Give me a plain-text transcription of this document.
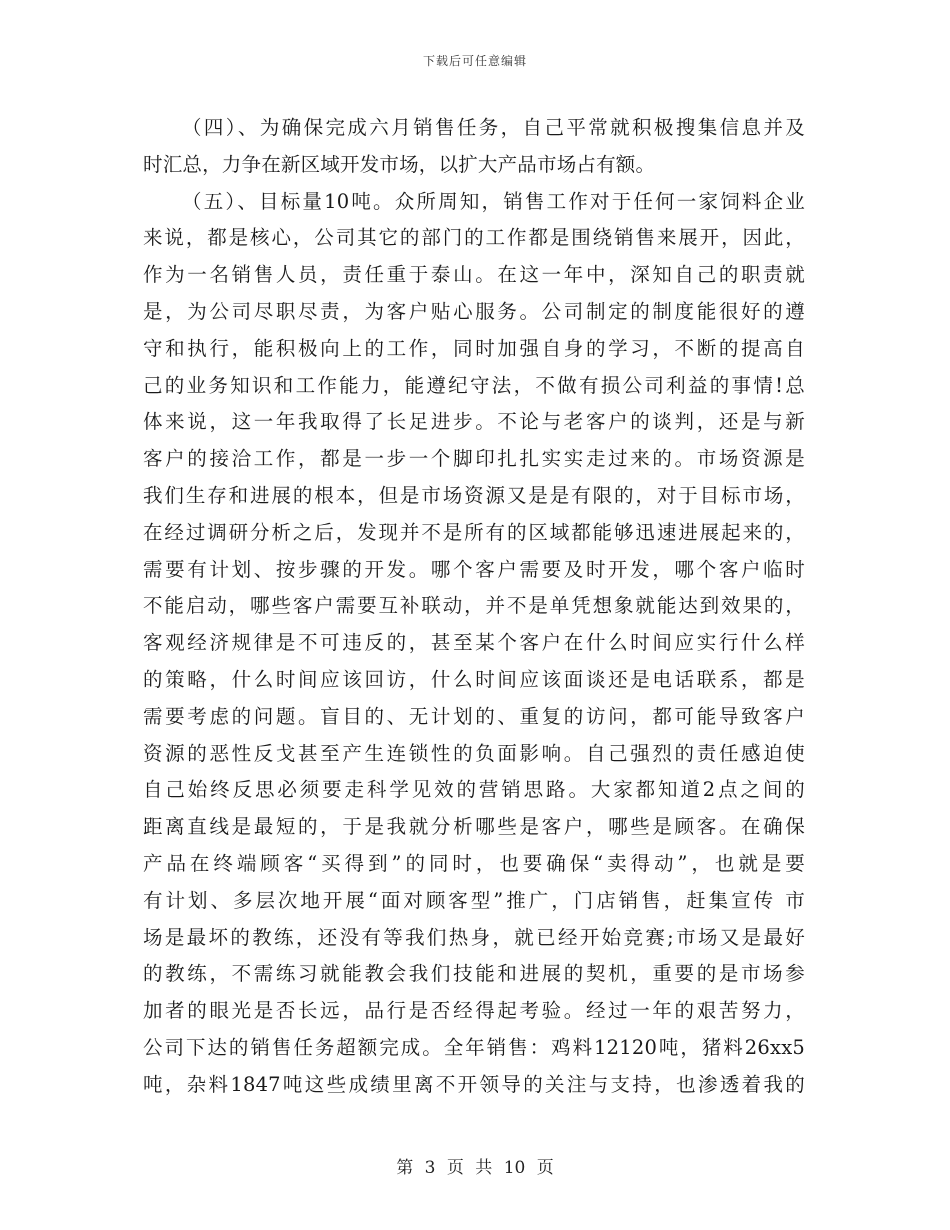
下载后可任意编辑
（四）、为确保完成六月销售任务，自己平常就积极搜集信息并及
时汇总，力争在新区域开发市场，以扩大产品市场占有额。
（五）、目标量10吨。众所周知，销售工作对于任何一家饲料企业
来说，都是核心，公司其它的部门的工作都是围绕销售来展开，因此，
作为一名销售人员，责任重于泰山。在这一年中，深知自己的职责就
是，为公司尽职尽责，为客户贴心服务。公司制定的制度能很好的遵
守和执行，能积极向上的工作，同时加强自身的学习，不断的提高自
己的业务知识和工作能力，能遵纪守法，不做有损公司利益的事情!总
体来说，这一年我取得了长足进步。不论与老客户的谈判，还是与新
客户的接洽工作，都是一步一个脚印扎扎实实走过来的。市场资源是
我们生存和进展的根本，但是市场资源又是是有限的，对于目标市场，
在经过调研分析之后，发现并不是所有的区域都能够迅速进展起来的，
需要有计划、按步骤的开发。哪个客户需要及时开发，哪个客户临时
不能启动，哪些客户需要互补联动，并不是单凭想象就能达到效果的，
客观经济规律是不可违反的，甚至某个客户在什么时间应实行什么样
的策略，什么时间应该回访，什么时间应该面谈还是电话联系，都是
需要考虑的问题。盲目的、无计划的、重复的访问，都可能导致客户
资源的恶性反戈甚至产生连锁性的负面影响。自己强烈的责任感迫使
自己始终反思必须要走科学见效的营销思路。大家都知道2点之间的
距离直线是最短的，于是我就分析哪些是客户，哪些是顾客。在确保
产品在终端顾客“买得到”的同时，也要确保“卖得动”，也就是要
有计划、多层次地开展“面对顾客型”推广，门店销售，赶集宣传 市
场是最坏的教练，还没有等我们热身，就已经开始竞赛;市场又是最好
的教练，不需练习就能教会我们技能和进展的契机，重要的是市场参
加者的眼光是否长远，品行是否经得起考验。经过一年的艰苦努力，
公司下达的销售任务超额完成。全年销售：鸡料12120吨，猪料26xx5
吨，杂料1847吨这些成绩里离不开领导的关注与支持，也渗透着我的
第 3 页 共 10 页
